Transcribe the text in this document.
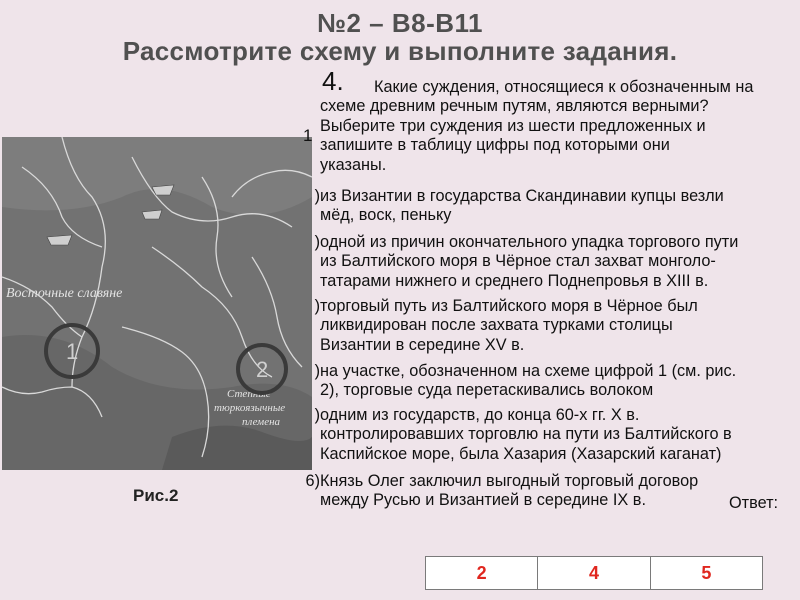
№2 – В8-В11
Рассмотрите схему и выполните задания.
Восточные славяне
Степные
тюркоязычные
племена
1
2
Рис.2
4.	Какие суждения, относящиеся к обозначенным на
схеме древним речным путям, являются верными?
Выберите три суждения из шести предложенных и
запишите в таблицу цифры под которыми они
указаны.
1
) из Византии в государства Скандинавии купцы везли
мёд, воск, пеньку
) одной из причин окончательного упадка торгового пути
из Балтийского моря в Чёрное стал захват монголо-
татарами нижнего и среднего Поднепровья в XIII в.
) торговый путь из Балтийского моря в Чёрное был
ликвидирован после захвата турками столицы
Византии в середине XV в.
) на участке, обозначенном на схеме цифрой 1 (см. рис.
2), торговые суда перетаскивались волоком
) одним из государств, до конца 60-х гг. Х в.
контролировавших торговлю на пути из Балтийского в
Каспийское море, была Хазария (Хазарский каганат)
6) Князь Олег заключил выгодный торговый договор
между Русью и Византией в середине IX в.	Ответ:
2	4	5
